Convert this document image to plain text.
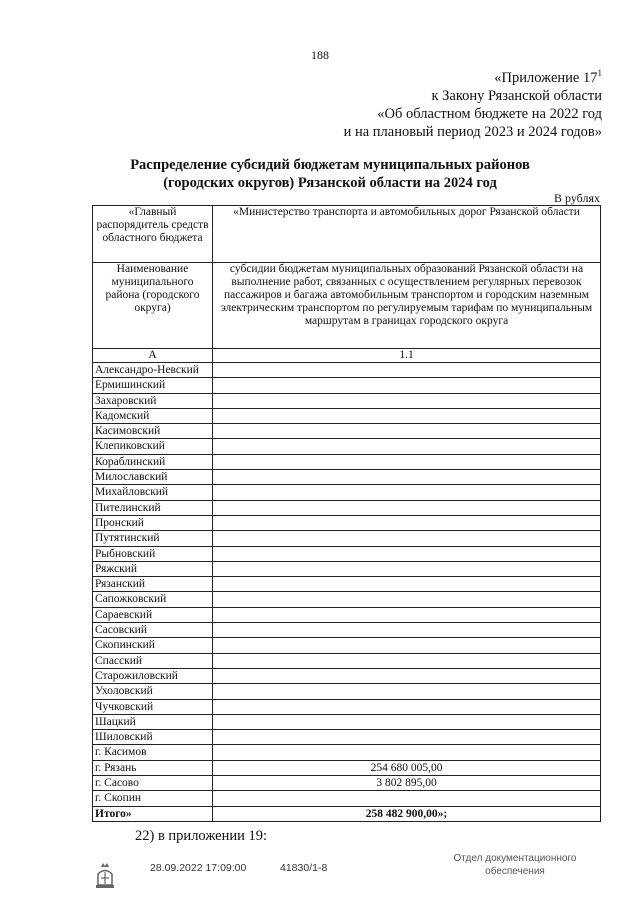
188
«Приложение $17^1$
к Закону Рязанской области
«Об областном бюджете на 2022 год
и на плановый период 2023 и 2024 годов»
Распределение субсидий бюджетам муниципальных районов
(городских округов) Рязанской области на 2024 год
В рублях
«Главный распорядитель средств областного бюджета	«Министерство транспорта и автомобильных дорог Рязанской области
Наименование муниципального района (городского округа)	субсидии бюджетам муниципальных образований Рязанской области на выполнение работ, связанных с осуществлением регулярных перевозок пассажиров и багажа автомобильным транспортом и городским наземным электрическим транспортом по регулируемым тарифам по муниципальным маршрутам в границах городского округа
А	1.1
Александро-Невский	
Ермишинский	
Захаровский	
Кадомский	
Касимовский	
Клепиковский	
Кораблинский	
Милославский	
Михайловский	
Пителинский	
Пронский	
Путятинский	
Рыбновский	
Ряжский	
Рязанский	
Сапожковский	
Сараевский	
Сасовский	
Скопинский	
Спасский	
Старожиловский	
Ухоловский	
Чучковский	
Шацкий	
Шиловский	
г. Касимов	
г. Рязань	254 680 005,00
г. Сасово	3 802 895,00
г. Скопин	
Итого»	258 482 900,00»;
22) в приложении 19:
28.09.2022 17:09:00	41830/1-8
Отдел документационного
обеспечения
